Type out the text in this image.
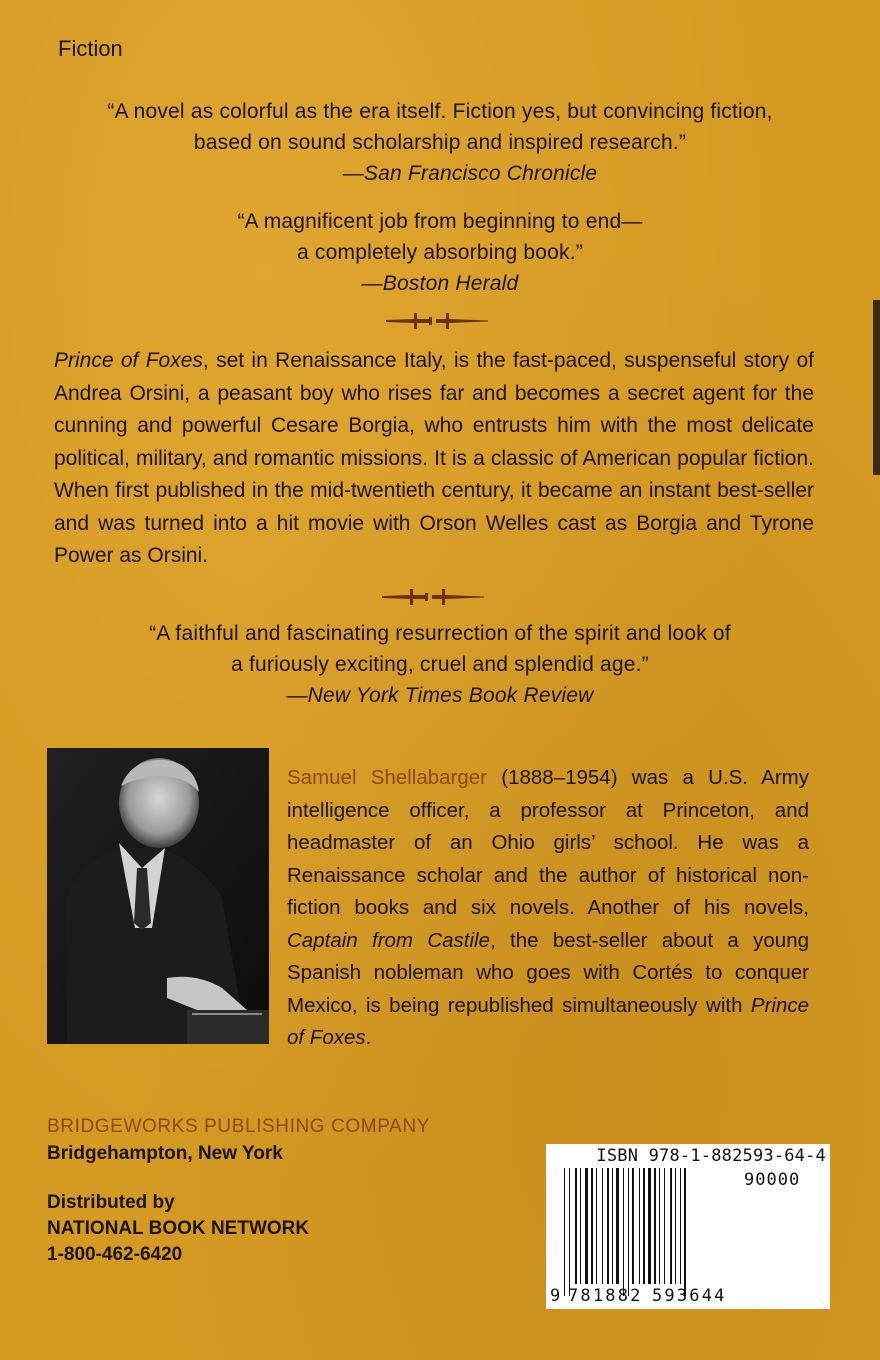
Fiction
“A novel as colorful as the era itself. Fiction yes, but convincing fiction,
based on sound scholarship and inspired research.”
—San Francisco Chronicle
“A magnificent job from beginning to end—
a completely absorbing book.”
—Boston Herald
Prince of Foxes, set in Renaissance Italy, is the fast-paced, suspenseful story of Andrea Orsini, a peasant boy who rises far and becomes a secret agent for the cunning and powerful Cesare Borgia, who entrusts him with the most delicate political, military, and romantic missions. It is a classic of American popular fiction. When first published in the mid-twentieth century, it became an instant best-seller and was turned into a hit movie with Orson Welles cast as Borgia and Tyrone Power as Orsini.
“A faithful and fascinating resurrection of the spirit and look of
a furiously exciting, cruel and splendid age.”
—New York Times Book Review
Samuel Shellabarger (1888–1954) was a U.S. Army intelligence officer, a professor at Princeton, and headmaster of an Ohio girls’ school. He was a Renaissance scholar and the author of historical non-fiction books and six novels. Another of his novels, Captain from Castile, the best-seller about a young Spanish nobleman who goes with Cortés to conquer Mexico, is being republished simultaneously with Prince of Foxes.
BRIDGEWORKS PUBLISHING COMPANY
Bridgehampton, New York
Distributed by
NATIONAL BOOK NETWORK
1-800-462-6420
ISBN 978-1-882593-64-4
90000
9 781882 593644
